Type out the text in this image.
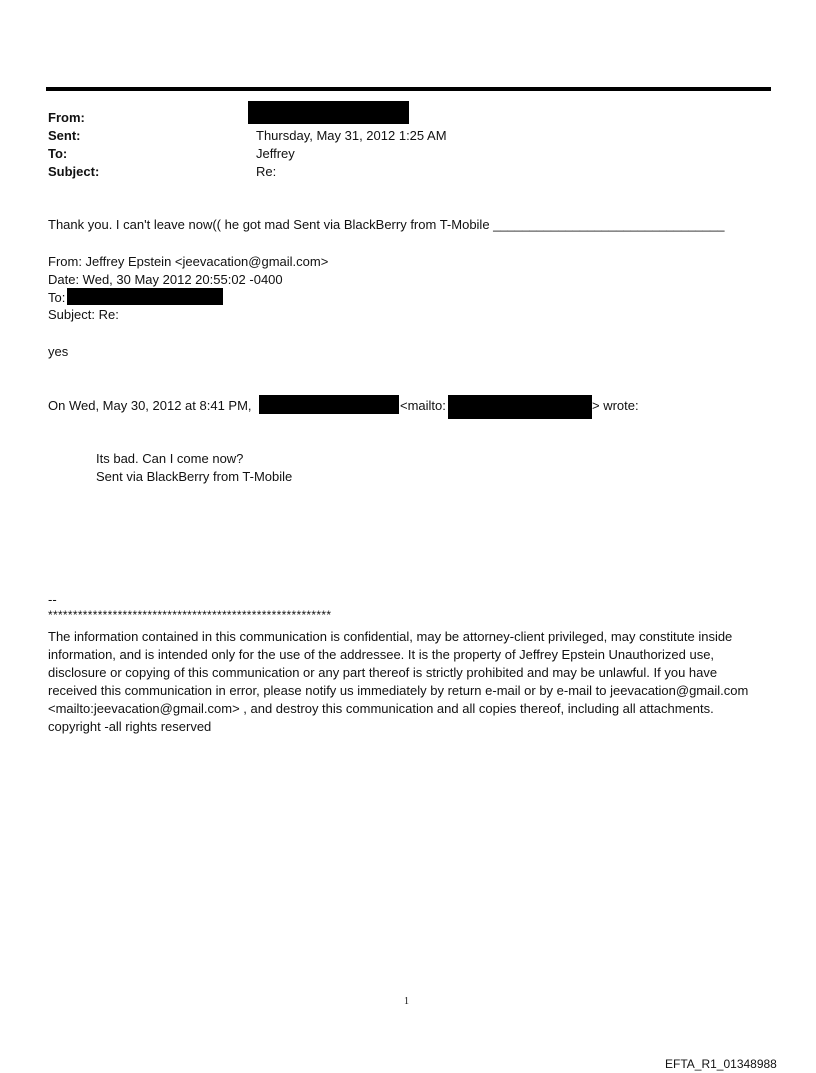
From:
Sent:	Thursday, May 31, 2012 1:25 AM
To:	Jeffrey
Subject:	Re:
Thank you. I can't leave now(( he got mad Sent via BlackBerry from T-Mobile ________________________________
From: Jeffrey Epstein <jeevacation@gmail.com>
Date: Wed, 30 May 2012 20:55:02 -0400
To:
Subject: Re:
yes
On Wed, May 30, 2012 at 8:41 PM,	<mailto:	> wrote:
Its bad. Can I come now?
Sent via BlackBerry from T-Mobile
--
*********************************************************
The information contained in this communication is confidential, may be attorney-client privileged, may constitute inside information, and is intended only for the use of the addressee. It is the property of Jeffrey Epstein Unauthorized use, disclosure or copying of this communication or any part thereof is strictly prohibited and may be unlawful. If you have received this communication in error, please notify us immediately by return e-mail or by e-mail to jeevacation@gmail.com <mailto:jeevacation@gmail.com> , and destroy this communication and all copies thereof, including all attachments. copyright -all rights reserved
1
EFTA_R1_01348988
